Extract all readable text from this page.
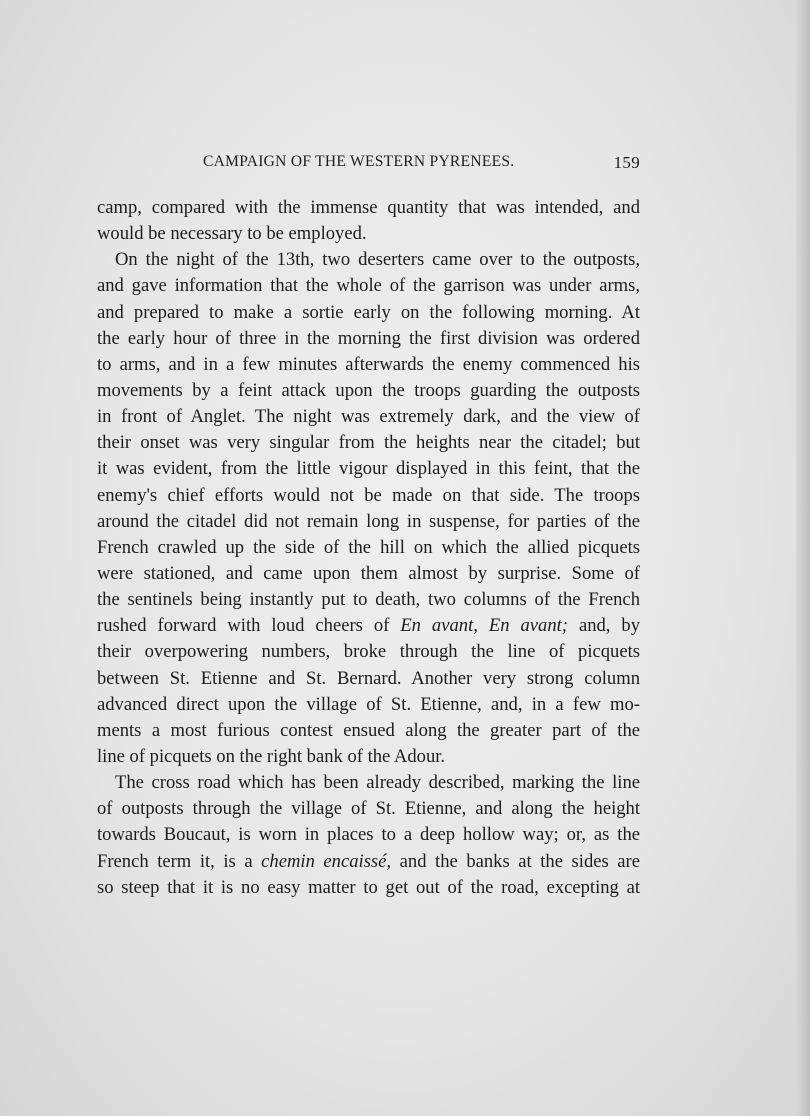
CAMPAIGN OF THE WESTERN PYRENEES.	159
camp, compared with the immense quantity that was intended, and
would be necessary to be employed.
On the night of the 13th, two deserters came over to the outposts,
and gave information that the whole of the garrison was under arms,
and prepared to make a sortie early on the following morning. At
the early hour of three in the morning the first division was ordered
to arms, and in a few minutes afterwards the enemy commenced his
movements by a feint attack upon the troops guarding the outposts
in front of Anglet. The night was extremely dark, and the view of
their onset was very singular from the heights near the citadel; but
it was evident, from the little vigour displayed in this feint, that the
enemy's chief efforts would not be made on that side. The troops
around the citadel did not remain long in suspense, for parties of the
French crawled up the side of the hill on which the allied picquets
were stationed, and came upon them almost by surprise. Some of
the sentinels being instantly put to death, two columns of the French
rushed forward with loud cheers of En avant, En avant; and, by
their overpowering numbers, broke through the line of picquets
between St. Etienne and St. Bernard. Another very strong column
advanced direct upon the village of St. Etienne, and, in a few mo-
ments a most furious contest ensued along the greater part of the
line of picquets on the right bank of the Adour.
The cross road which has been already described, marking the line
of outposts through the village of St. Etienne, and along the height
towards Boucaut, is worn in places to a deep hollow way; or, as the
French term it, is a chemin encaissé, and the banks at the sides are
so steep that it is no easy matter to get out of the road, excepting at
